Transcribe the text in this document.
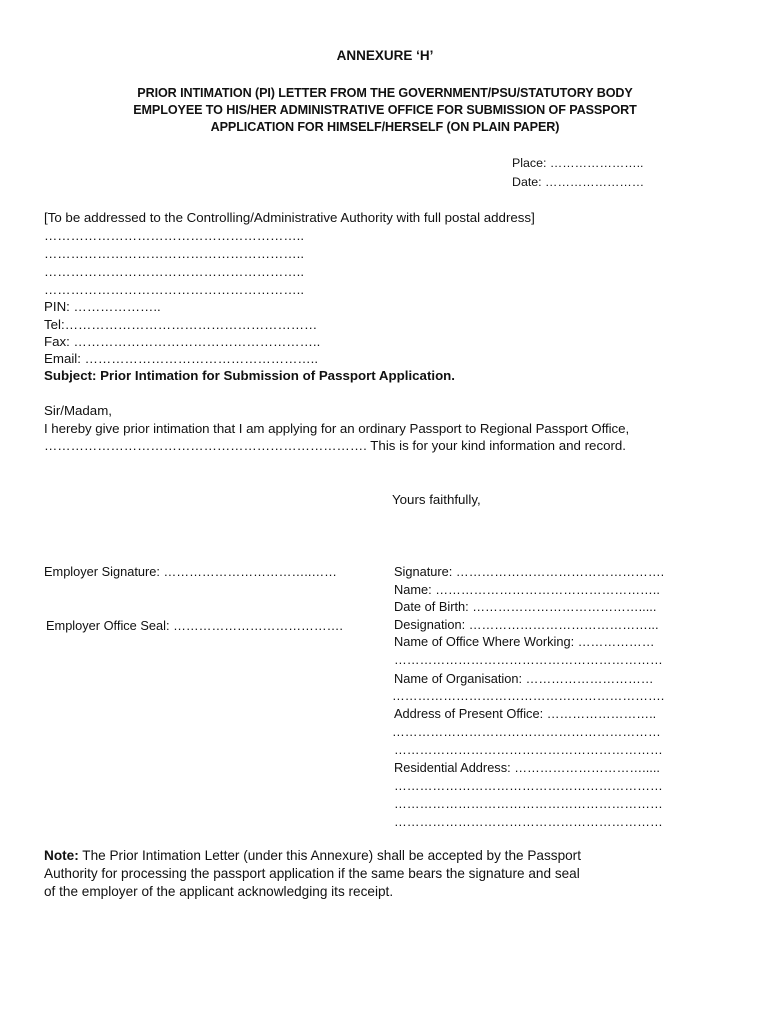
ANNEXURE ‘H’
PRIOR INTIMATION (PI) LETTER FROM THE GOVERNMENT/PSU/STATUTORY BODY
EMPLOYEE TO HIS/HER ADMINISTRATIVE OFFICE FOR SUBMISSION OF PASSPORT
APPLICATION FOR HIMSELF/HERSELF (ON PLAIN PAPER)
Place: …………………..
Date: ……………………
[To be addressed to the Controlling/Administrative Authority with full postal address]
…………………………………………………..
…………………………………………………..
…………………………………………………..
…………………………………………………..
PIN: ………………..
Tel:…………………………………………………
Fax: ………………………………………………..
Email: ……………………………………………..
Subject: Prior Intimation for Submission of Passport Application.
Sir/Madam,
I hereby give prior intimation that I am applying for an ordinary Passport to Regional Passport Office,
………………………………………………………………. This is for your kind information and record.
Yours faithfully,
Employer Signature: ……………………………..……
Employer Office Seal: ………………………………….
Signature: ………………………………………….
Name: ……………………………………………..
Date of Birth: ………………………………….....
Designation: ……………………………………...
Name of Office Where Working: ………………
………………………………………………………
Name of Organisation: …………………………
……………………………………………………….
Address of Present Office: ……………………..
………………………………………………………
………………………………………………………
Residential Address: ………………………….....
………………………………………………………
………………………………………………………
………………………………………………………
Note: The Prior Intimation Letter (under this Annexure) shall be accepted by the Passport
Authority for processing the passport application if the same bears the signature and seal
of the employer of the applicant acknowledging its receipt.
